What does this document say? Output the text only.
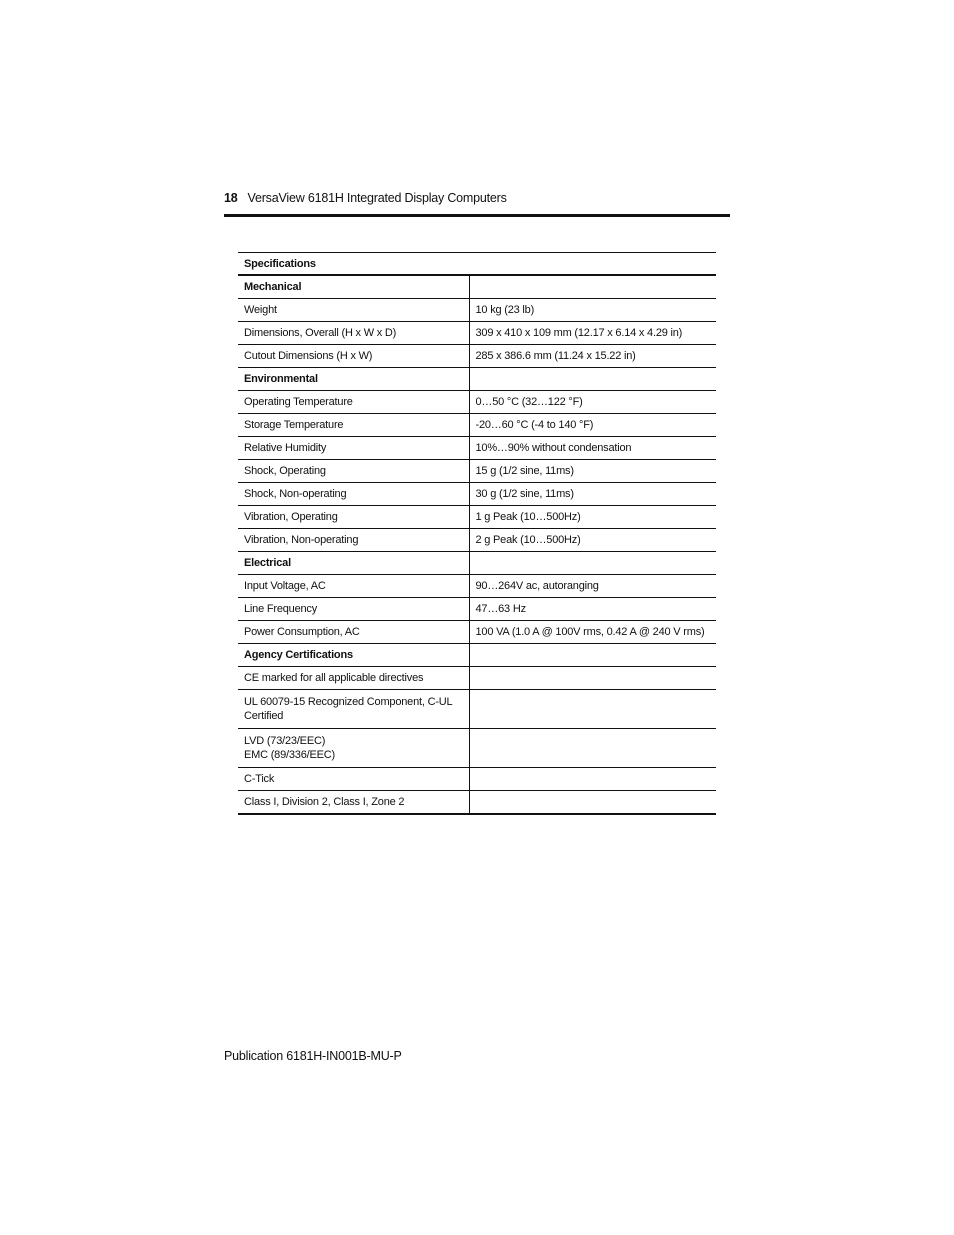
18 VersaView 6181H Integrated Display Computers
Specifications	
Mechanical	
Weight	10 kg (23 lb)
Dimensions, Overall (H x W x D)	309 x 410 x 109 mm (12.17 x 6.14 x 4.29 in)
Cutout Dimensions (H x W)	285 x 386.6 mm (11.24 x 15.22 in)
Environmental	
Operating Temperature	0…50 °C (32…122 °F)
Storage Temperature	-20…60 °C (-4 to 140 °F)
Relative Humidity	10%…90% without condensation
Shock, Operating	15 g (1/2 sine, 11ms)
Shock, Non-operating	30 g (1/2 sine, 11ms)
Vibration, Operating	1 g Peak (10…500Hz)
Vibration, Non-operating	2 g Peak (10…500Hz)
Electrical	
Input Voltage, AC	90…264V ac, autoranging
Line Frequency	47…63 Hz
Power Consumption, AC	100 VA (1.0 A @ 100V rms, 0.42 A @ 240 V rms)
Agency Certifications	
CE marked for all applicable directives	
UL 60079-15 Recognized Component, C-UL Certified	

LVD (73/23/EEC)
EMC (89/336/EEC)	

C-Tick	
Class I, Division 2, Class I, Zone 2	
Publication 6181H-IN001B-MU-P
